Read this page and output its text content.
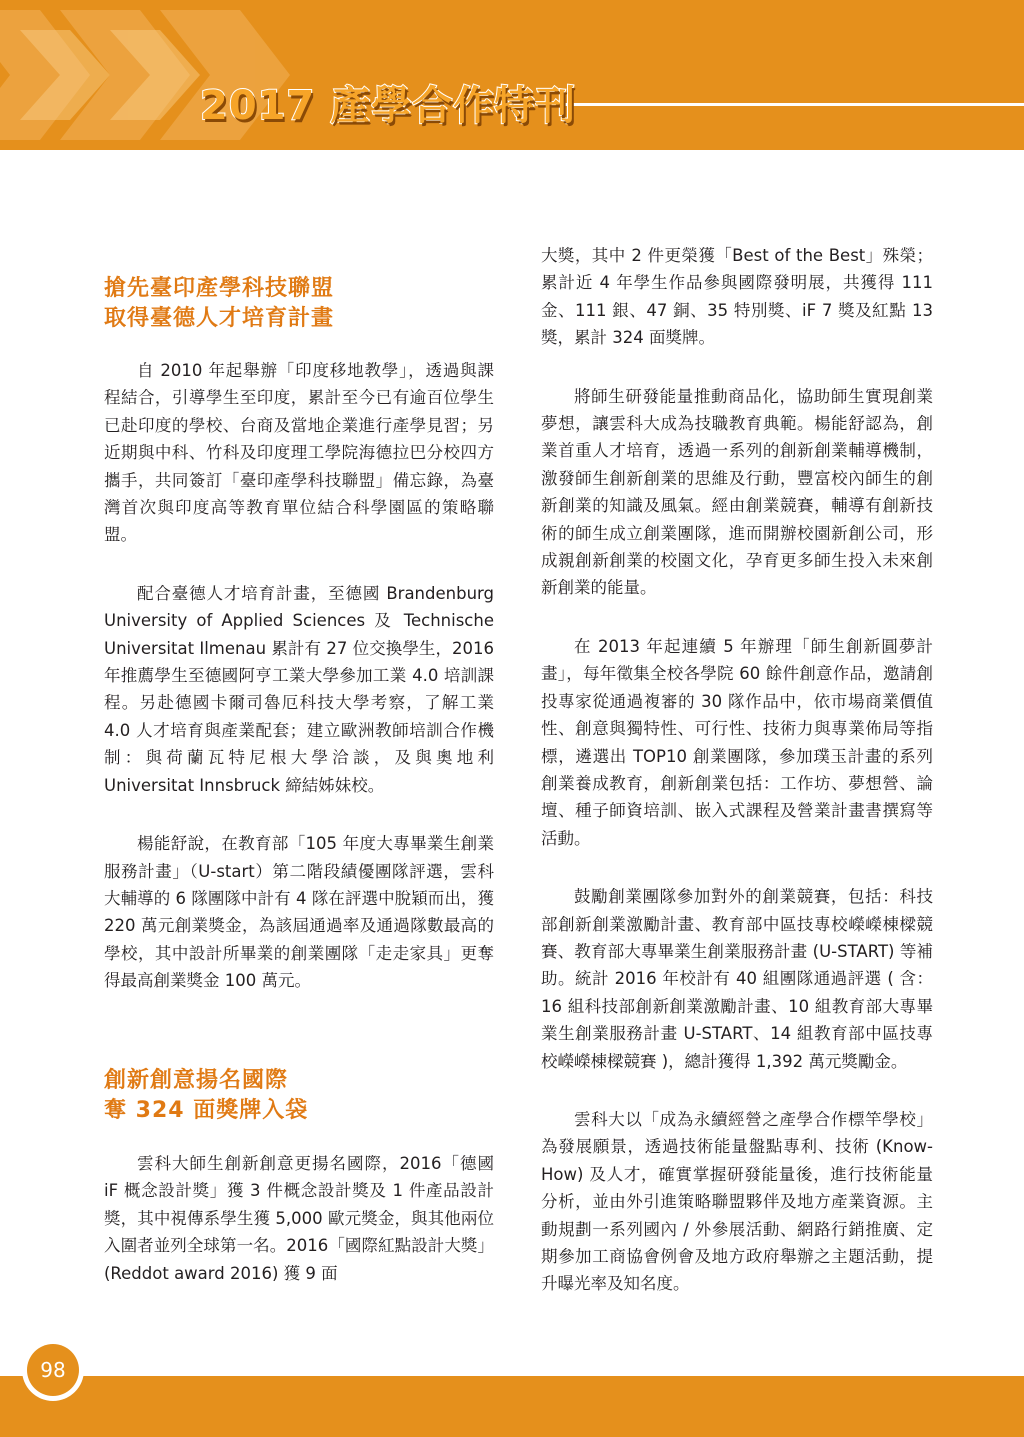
2017 產學合作特刊

搶先臺印產學科技聯盟

取得臺德人才培育計畫

自 2010 年起舉辦「印度移地教學」，透過與課程結合，引導學生至印度，累計至今已有逾百位學生已赴印度的學校、台商及當地企業進行產學見習；另近期與中科、竹科及印度理工學院海德拉巴分校四方攜手，共同簽訂「臺印產學科技聯盟」備忘錄，為臺灣首次與印度高等教育單位結合科學園區的策略聯盟。

配合臺德人才培育計畫，至德國 Brandenburg University of Applied Sciences 及 Technische Universitat Ilmenau 累計有 27 位交換學生，2016 年推薦學生至德國阿亨工業大學參加工業 4.0 培訓課程。另赴德國卡爾司魯厄科技大學考察，了解工業 4.0 人才培育與產業配套；建立歐洲教師培訓合作機制：與荷蘭瓦特尼根大學洽談，及與奧地利 Universitat Innsbruck 締結姊妹校。

楊能舒說，在教育部「105 年度大專畢業生創業服務計畫」（U-start）第二階段績優團隊評選，雲科大輔導的 6 隊團隊中計有 4 隊在評選中脫穎而出，獲 220 萬元創業獎金，為該屆通過率及通過隊數最高的學校，其中設計所畢業的創業團隊「走走家具」更奪得最高創業獎金 100 萬元。

創新創意揚名國際

奪 324 面獎牌入袋

雲科大師生創新創意更揚名國際，2016「德國 iF 概念設計獎」獲 3 件概念設計獎及 1 件產品設計獎，其中視傳系學生獲 5,000 歐元獎金，與其他兩位入圍者並列全球第一名。2016「國際紅點設計大獎」 (Reddot award 2016) 獲 9 面

大獎，其中 2 件更榮獲「Best of the Best」殊榮；累計近 4 年學生作品參與國際發明展，共獲得 111 金、111 銀、47 銅、35 特別獎、iF 7 獎及紅點 13 獎，累計 324 面獎牌。

將師生研發能量推動商品化，協助師生實現創業夢想，讓雲科大成為技職教育典範。楊能舒認為，創業首重人才培育，透過一系列的創新創業輔導機制，激發師生創新創業的思維及行動，豐富校內師生的創新創業的知識及風氣。經由創業競賽，輔導有創新技術的師生成立創業團隊，進而開辦校園新創公司，形成親創新創業的校園文化，孕育更多師生投入未來創新創業的能量。

在 2013 年起連續 5 年辦理「師生創新圓夢計畫」，每年徵集全校各學院 60 餘件創意作品，邀請創投專家從通過複審的 30 隊作品中，依市場商業價值性、創意與獨特性、可行性、技術力與專業佈局等指標，遴選出 TOP10 創業團隊，參加璞玉計畫的系列創業養成教育，創新創業包括：工作坊、夢想營、論壇、種子師資培訓、嵌入式課程及營業計畫書撰寫等活動。

鼓勵創業團隊參加對外的創業競賽，包括：科技部創新創業激勵計畫、教育部中區技專校嶸嶸棟樑競賽、教育部大專畢業生創業服務計畫 (U-START) 等補助。統計 2016 年校計有 40 組團隊通過評選 ( 含：16 組科技部創新創業激勵計畫、10 組教育部大專畢業生創業服務計畫 U-START、14 組教育部中區技專校嶸嶸棟樑競賽 )，總計獲得 1,392 萬元獎勵金。

雲科大以「成為永續經營之產學合作標竿學校」為發展願景，透過技術能量盤點專利、技術 (Know-How) 及人才，確實掌握研發能量後，進行技術能量分析，並由外引進策略聯盟夥伴及地方產業資源。主動規劃一系列國內 / 外參展活動、網路行銷推廣、定期參加工商協會例會及地方政府舉辦之主題活動，提升曝光率及知名度。

98
